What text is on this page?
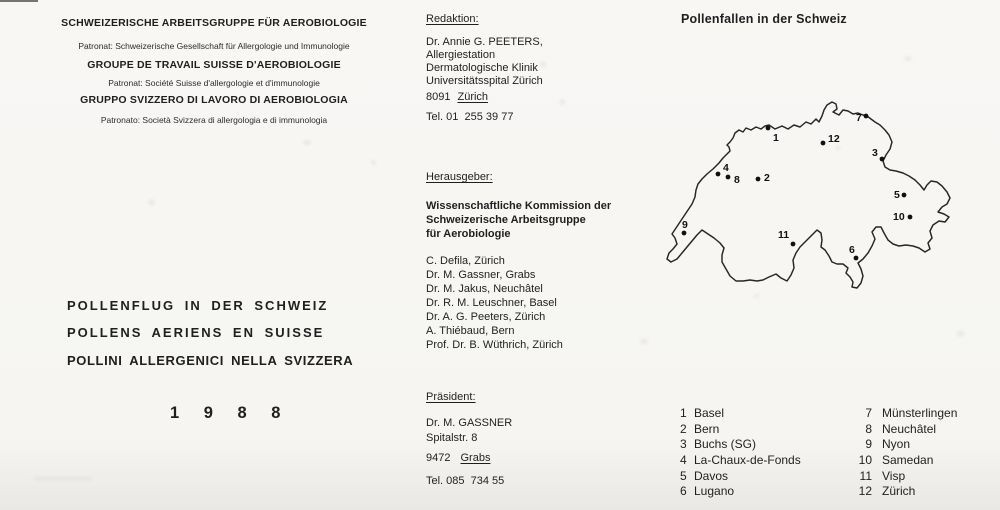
SCHWEIZERISCHE ARBEITSGRUPPE FÜR AEROBIOLOGIE
Patronat: Schweizerische Gesellschaft für Allergologie und Immunologie
GROUPE DE TRAVAIL SUISSE D'AEROBIOLOGIE
Patronat: Société Suisse d'allergologie et d'immunologie
GRUPPO SVIZZERO DI LAVORO DI AEROBIOLOGIA
Patronato: Società Svizzera di allergologia e di immunologia
POLLENFLUG IN DER SCHWEIZ
POLLENS AERIENS EN SUISSE
POLLINI ALLERGENICI NELLA SVIZZERA
1 9 8 8
Redaktion:
Dr. Annie G. PEETERS,
Allergiestation
Dermatologische Klinik
Universitätsspital Zürich
8091 Zürich
Tel. 01  255 39 77
Herausgeber:
Wissenschaftliche Kommission der
Schweizerische Arbeitsgruppe
für Aerobiologie
C. Defila, Zürich
Dr. M. Gassner, Grabs
Dr. M. Jakus, Neuchâtel
Dr. R. M. Leuschner, Basel
Dr. A. G. Peeters, Zürich
A. Thiébaud, Bern
Prof. Dr. B. Wüthrich, Zürich
Präsident:
Dr. M. GASSNER
Spitalstr. 8
9472 Grabs
Tel. 085  734 55
Pollenfallen in der Schweiz
1
2
3
4
5
6
7
8
9
10
11
12
1 Basel
2 Bern
3 Buchs (SG)
4 La-Chaux-de-Fonds
5 Davos
6 Lugano
7 Münsterlingen
8 Neuchâtel
9 Nyon
10 Samedan
11 Visp
12 Zürich
